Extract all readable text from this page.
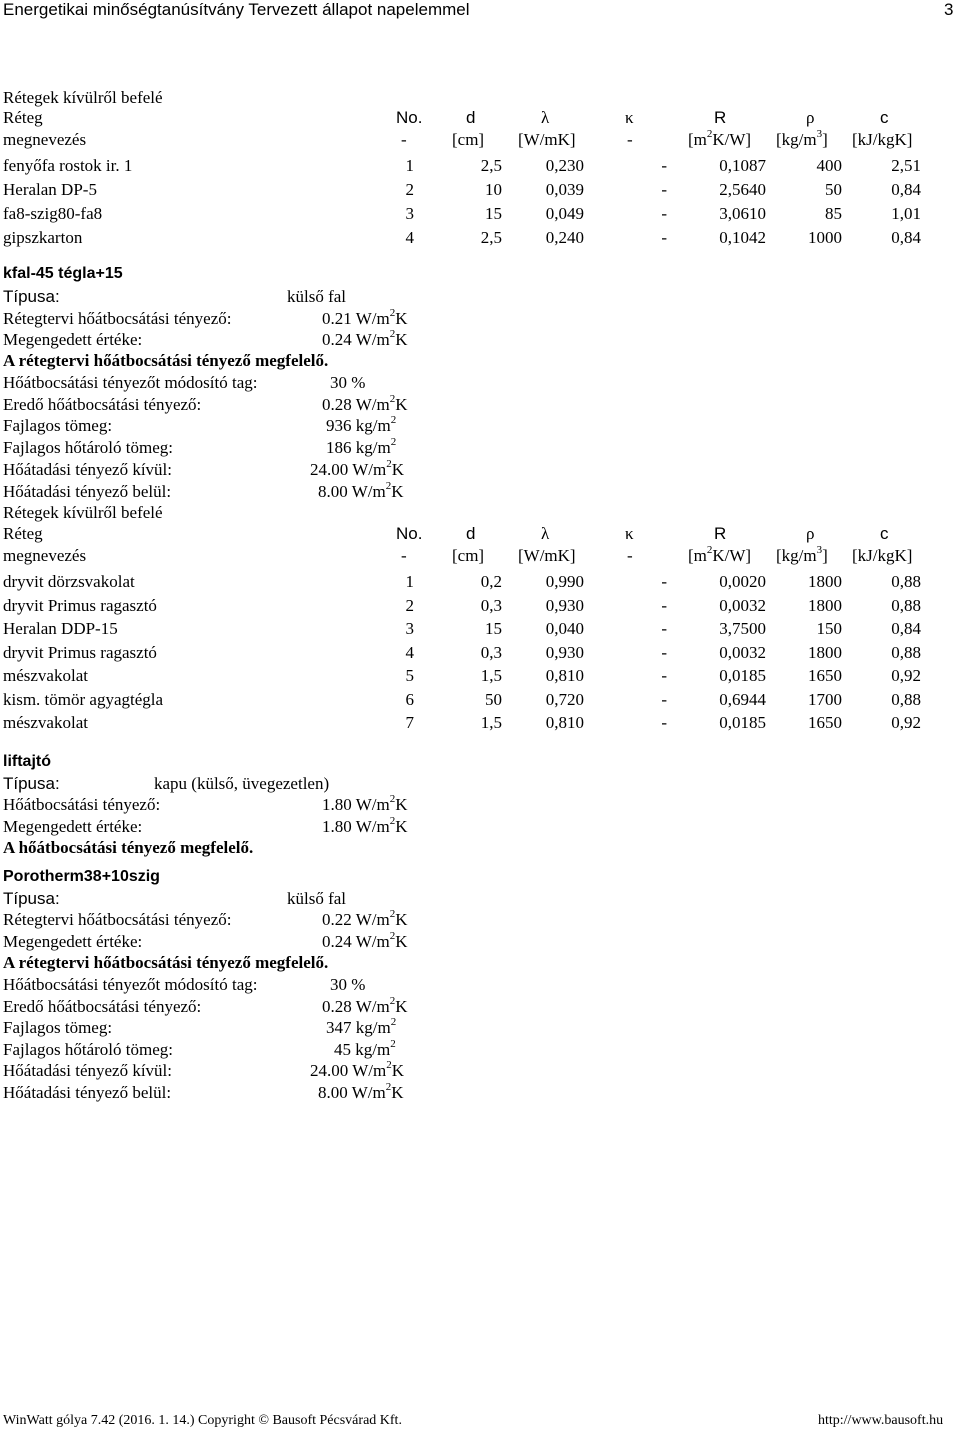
Energetikai minőségtanúsítvány Tervezett állapot napelemmel	3
Rétegek kívülről befelé
Réteg	No.	d	λ	κ	R	ρ	c
megnevezés	-	[cm] [W/mK]	-	$[m^2K/W]$ $[kg/m^3]$ [kJ/kgK]
fenyőfa rostok ir. 1	1	2,5	0,230	-	0,1087	400	2,51
Heralan DP-5	2	10	0,039	-	2,5640	50	0,84
fa8-szig80-fa8	3	15	0,049	-	3,0610	85	1,01
gipszkarton	4	2,5	0,240	-	0,1042 1000	0,84
kfal-45 tégla+15
Típusa:	külső fal
Rétegtervi hőátbocsátási tényező:	0.21 $W/m^2K$
Megengedett értéke:	0.24 $W/m^2K$
A rétegtervi hőátbocsátási tényező megfelelő.
Hőátbocsátási tényezőt módosító tag:	30 %
Eredő hőátbocsátási tényező:	0.28 $W/m^2K$
Fajlagos tömeg:	936 $kg/m^2$
Fajlagos hőtároló tömeg:	186 $kg/m^2$
Hőátadási tényező kívül:	24.00 $W/m^2K$
Hőátadási tényező belül:	8.00 $W/m^2K$
Rétegek kívülről befelé
Réteg	No.	d	λ	κ	R	ρ	c
megnevezés	-	[cm] [W/mK]	-	$[m^2K/W]$ $[kg/m^3]$ [kJ/kgK]
dryvit dörzsvakolat	1	0,2	0,990	-	0,0020 1800	0,88
dryvit Primus ragasztó	2	0,3	0,930	-	0,0032 1800	0,88
Heralan DDP-15	3	15	0,040	-	3,7500	150	0,84
dryvit Primus ragasztó	4	0,3	0,930	-	0,0032 1800	0,88
mészvakolat	5	1,5	0,810	-	0,0185 1650	0,92
kism. tömör agyagtégla	6	50	0,720	-	0,6944 1700	0,88
mészvakolat	7	1,5	0,810	-	0,0185 1650	0,92
liftajtó
Típusa:	kapu (külső, üvegezetlen)
Hőátbocsátási tényező:	1.80 $W/m^2K$
Megengedett értéke:	1.80 $W/m^2K$
A hőátbocsátási tényező megfelelő.
Porotherm38+10szig
Típusa:	külső fal
Rétegtervi hőátbocsátási tényező:	0.22 $W/m^2K$
Megengedett értéke:	0.24 $W/m^2K$
A rétegtervi hőátbocsátási tényező megfelelő.
Hőátbocsátási tényezőt módosító tag:	30 %
Eredő hőátbocsátási tényező:	0.28 $W/m^2K$
Fajlagos tömeg:	347 $kg/m^2$
Fajlagos hőtároló tömeg:	45 $kg/m^2$
Hőátadási tényező kívül:	24.00 $W/m^2K$
Hőátadási tényező belül:	8.00 $W/m^2K$
WinWatt gólya 7.42 (2016. 1. 14.) Copyright © Bausoft Pécsvárad Kft.	http://www.bausoft.hu
